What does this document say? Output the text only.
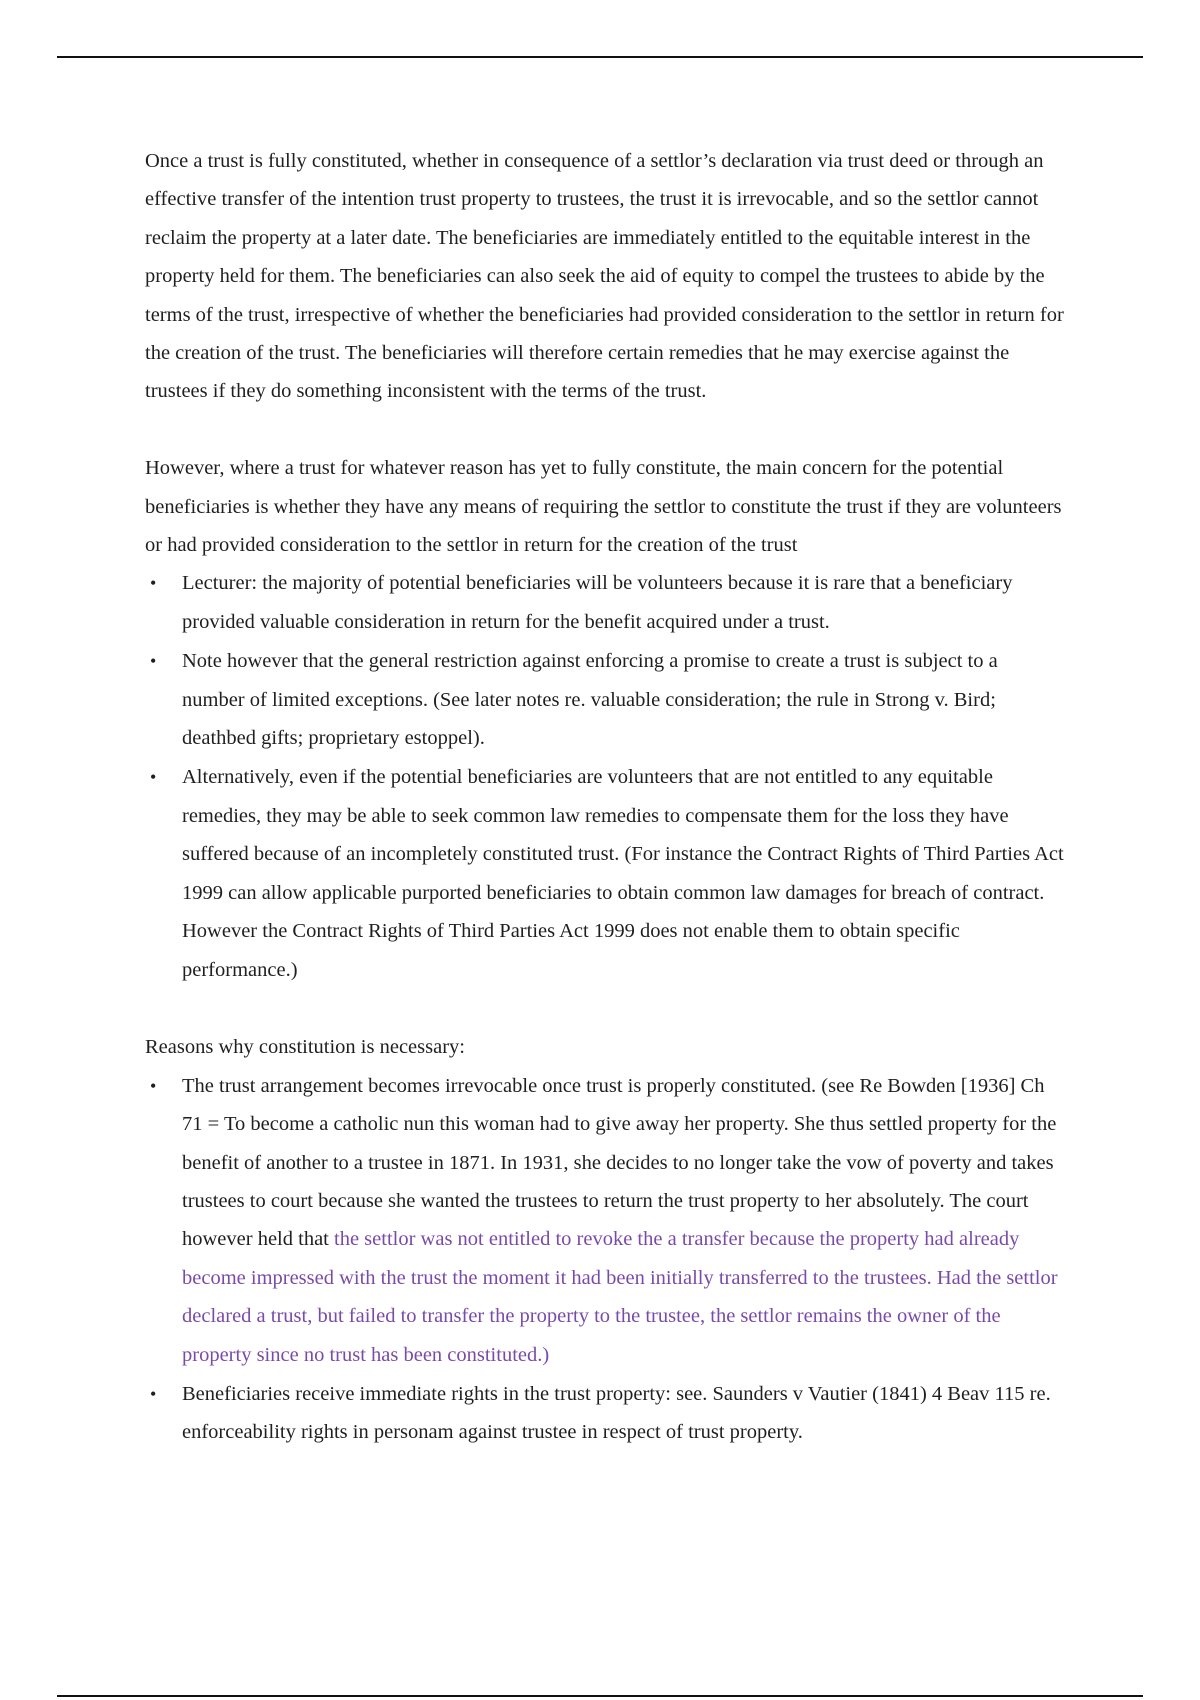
Once a trust is fully constituted, whether in consequence of a settlor’s declaration via trust deed or through an effective transfer of the intention trust property to trustees, the trust it is irrevocable, and so the settlor cannot reclaim the property at a later date. The beneficiaries are immediately entitled to the equitable interest in the property held for them. The beneficiaries can also seek the aid of equity to compel the trustees to abide by the terms of the trust, irrespective of whether the beneficiaries had provided consideration to the settlor in return for the creation of the trust. The beneficiaries will therefore certain remedies that he may exercise against the trustees if they do something inconsistent with the terms of the trust.

However, where a trust for whatever reason has yet to fully constitute, the main concern for the potential beneficiaries is whether they have any means of requiring the settlor to constitute the trust if they are volunteers or had provided consideration to the settlor in return for the creation of the trust

• Lecturer: the majority of potential beneficiaries will be volunteers because it is rare that a beneficiary provided valuable consideration in return for the benefit acquired under a trust.
• Note however that the general restriction against enforcing a promise to create a trust is subject to a number of limited exceptions. (See later notes re. valuable consideration; the rule in Strong v. Bird; deathbed gifts; proprietary estoppel).
• Alternatively, even if the potential beneficiaries are volunteers that are not entitled to any equitable remedies, they may be able to seek common law remedies to compensate them for the loss they have suffered because of an incompletely constituted trust. (For instance the Contract Rights of Third Parties Act 1999 can allow applicable purported beneficiaries to obtain common law damages for breach of contract. However the Contract Rights of Third Parties Act 1999 does not enable them to obtain specific performance.)

Reasons why constitution is necessary:

• The trust arrangement becomes irrevocable once trust is properly constituted. (see Re Bowden [1936] Ch 71 = To become a catholic nun this woman had to give away her property. She thus settled property for the benefit of another to a trustee in 1871. In 1931, she decides to no longer take the vow of poverty and takes trustees to court because she wanted the trustees to return the trust property to her absolutely. The court however held that the settlor was not entitled to revoke the a transfer because the property had already become impressed with the trust the moment it had been initially transferred to the trustees. Had the settlor declared a trust, but failed to transfer the property to the trustee, the settlor remains the owner of the property since no trust has been constituted.)
• Beneficiaries receive immediate rights in the trust property: see. Saunders v Vautier (1841) 4 Beav 115 re. enforceability rights in personam against trustee in respect of trust property.
